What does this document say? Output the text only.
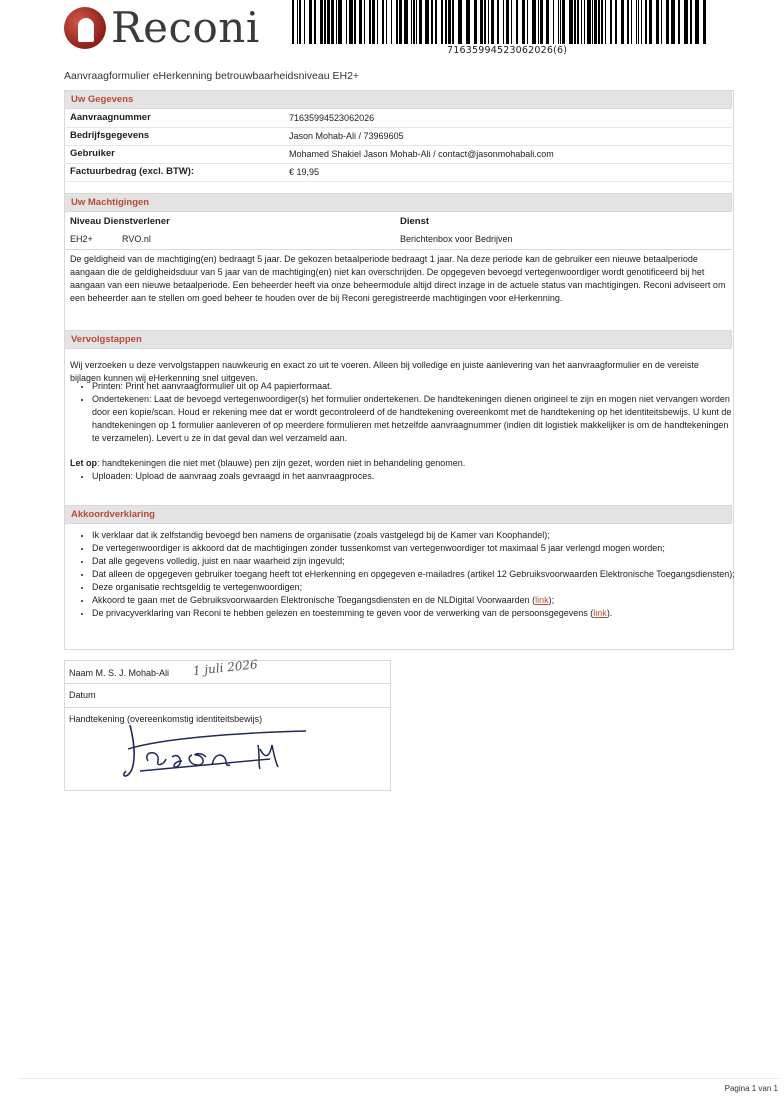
Reconi	71635994523062026(6)
Aanvraagformulier eHerkenning betrouwbaarheidsniveau EH2+
Uw Gegevens
Aanvraagnummer	71635994523062026
Bedrijfsgegevens	Jason Mohab-Ali / 73969605
Gebruiker	Mohamed Shakiel Jason Mohab-Ali / contact@jasonmohabali.com
Factuurbedrag (excl. BTW):	€ 19,95
Uw Machtigingen
Niveau Dienstverlener	Dienst
EH2+	RVO.nl	Berichtenbox voor Bedrijven
De geldigheid van de machtiging(en) bedraagt 5 jaar. De gekozen betaalperiode bedraagt 1 jaar. Na deze periode kan de gebruiker een nieuwe betaalperiode aangaan die de geldigheidsduur van 5 jaar van de machtiging(en) niet kan overschrijden. De opgegeven bevoegd vertegenwoordiger wordt genotificeerd bij het aangaan van een nieuwe betaalperiode. Een beheerder heeft via onze beheermodule altijd direct inzage in de actuele status van machtigingen. Reconi adviseert om een beheerder aan te stellen om goed beheer te houden over de bij Reconi geregistreerde machtigingen voor eHerkenning.
Vervolgstappen
Wij verzoeken u deze vervolgstappen nauwkeurig en exact zo uit te voeren. Alleen bij volledige en juiste aanlevering van het aanvraagformulier en de vereiste bijlagen kunnen wij eHerkenning snel uitgeven.
• Printen: Print het aanvraagformulier uit op A4 papierformaat.
• Ondertekenen: Laat de bevoegd vertegenwoordiger(s) het formulier ondertekenen. De handtekeningen dienen origineel te zijn en mogen niet vervangen worden door een kopie/scan. Houd er rekening mee dat er wordt gecontroleerd of de handtekening overeenkomt met de handtekening op het identiteitsbewijs. U kunt de handtekeningen op 1 formulier aanleveren of op meerdere formulieren met hetzelfde aanvraagnummer (indien dit logistiek makkelijker is om de handtekeningen te verzamelen). Levert u ze in dat geval dan wel verzameld aan.
Let op: handtekeningen die niet met (blauwe) pen zijn gezet, worden niet in behandeling genomen.
• Uploaden: Upload de aanvraag zoals gevraagd in het aanvraagproces.
Akkoordverklaring
• Ik verklaar dat ik zelfstandig bevoegd ben namens de organisatie (zoals vastgelegd bij de Kamer van Koophandel);
• De vertegenwoordiger is akkoord dat de machtigingen zonder tussenkomst van vertegenwoordiger tot maximaal 5 jaar verlengd mogen worden;
• Dat alle gegevens volledig, juist en naar waarheid zijn ingevuld;
• Dat alleen de opgegeven gebruiker toegang heeft tot eHerkenning en opgegeven e-mailadres (artikel 12 Gebruiksvoorwaarden Elektronische Toegangsdiensten);
• Deze organisatie rechtsgeldig te vertegenwoordigen;
• Akkoord te gaan met de Gebruiksvoorwaarden Elektronische Toegangsdiensten en de NLDigital Voorwaarden (link);
• De privacyverklaring van Reconi te hebben gelezen en toestemming te geven voor de verwerking van de persoonsgegevens (link).
Naam M. S. J. Mohab-Ali 1 juli 2026
Datum
Handtekening (overeenkomstig identiteitsbewijs)
Pagina 1 van 1
